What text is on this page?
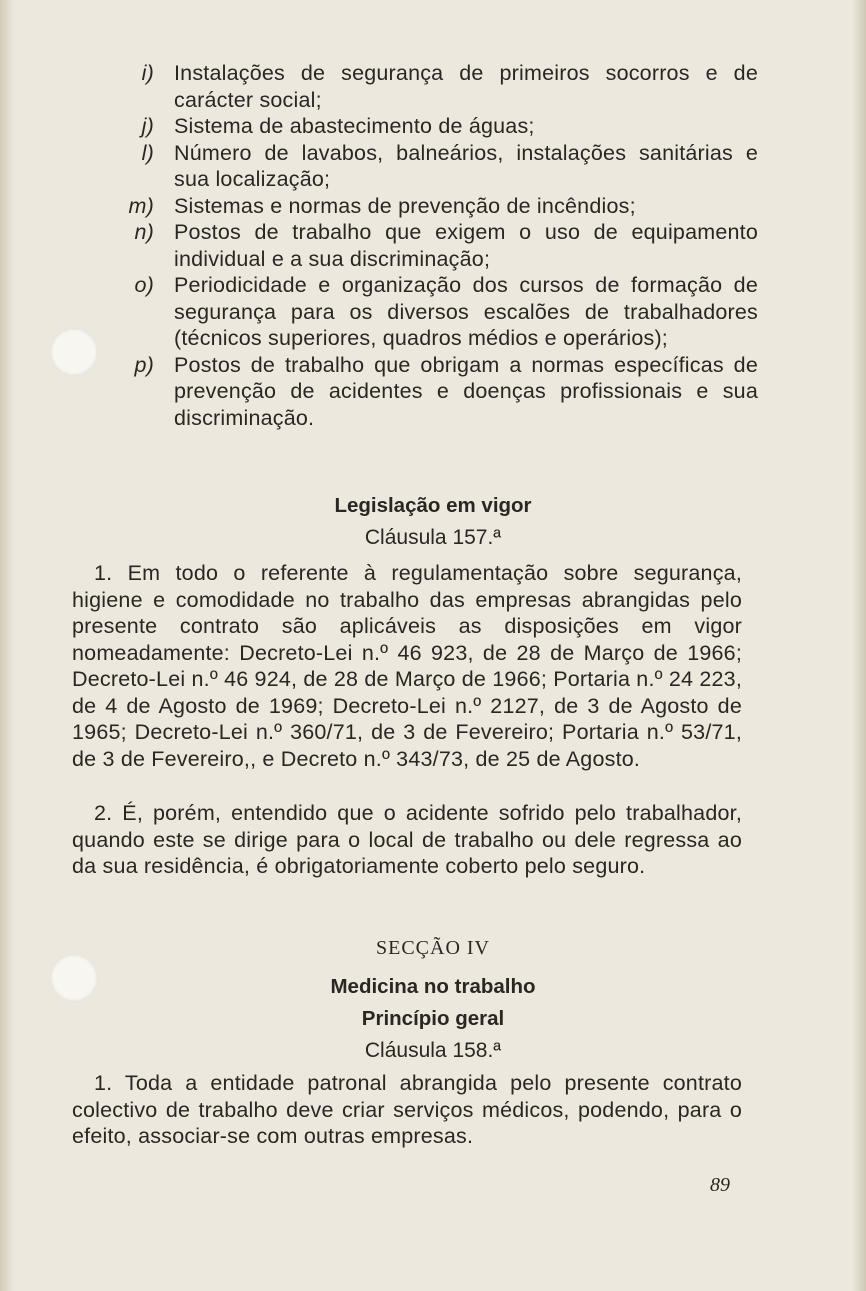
i) Instalações de segurança de primeiros socorros e de carácter social;
j) Sistema de abastecimento de águas;
l) Número de lavabos, balneários, instalações sanitárias e sua localização;
m) Sistemas e normas de prevenção de incêndios;
n) Postos de trabalho que exigem o uso de equipamento individual e a sua discriminação;
o) Periodicidade e organização dos cursos de formação de segurança para os diversos escalões de trabalhadores (técnicos superiores, quadros médios e operários);
p) Postos de trabalho que obrigam a normas específicas de prevenção de acidentes e doenças profissionais e sua discriminação.
Legislação em vigor
Cláusula 157.ª
1. Em todo o referente à regulamentação sobre segurança, higiene e comodidade no trabalho das empresas abrangidas pelo presente contrato são aplicáveis as disposições em vigor nomeadamente: Decreto-Lei n.º 46 923, de 28 de Março de 1966; Decreto-Lei n.º 46 924, de 28 de Março de 1966; Portaria n.º 24 223, de 4 de Agosto de 1969; Decreto-Lei n.º 2127, de 3 de Agosto de 1965; Decreto-Lei n.º 360/71, de 3 de Fevereiro; Portaria n.º 53/71, de 3 de Fevereiro,, e Decreto n.º 343/73, de 25 de Agosto.
2. É, porém, entendido que o acidente sofrido pelo trabalhador, quando este se dirige para o local de trabalho ou dele regressa ao da sua residência, é obrigatoriamente coberto pelo seguro.
SECÇÃO IV
Medicina no trabalho
Princípio geral
Cláusula 158.ª
1. Toda a entidade patronal abrangida pelo presente contrato colectivo de trabalho deve criar serviços médicos, podendo, para o efeito, associar-se com outras empresas.
89
